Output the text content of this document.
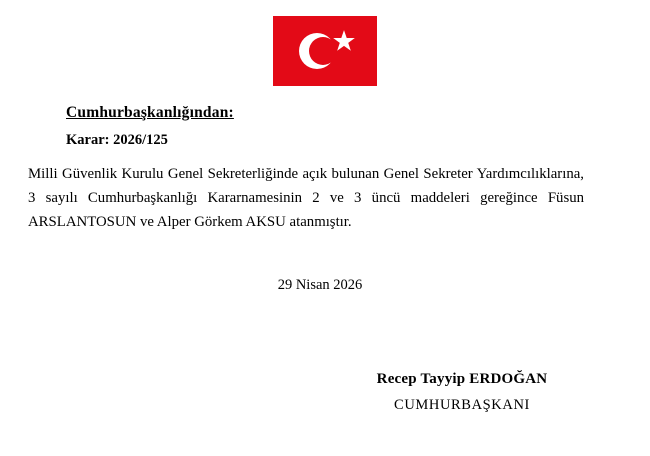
Cumhurbaşkanlığından:
Karar: 2026/125
Milli Güvenlik Kurulu Genel Sekreterliğinde açık bulunan Genel Sekreter Yardımcılıklarına, 3 sayılı Cumhurbaşkanlığı Kararnamesinin 2 ve 3 üncü maddeleri gereğince Füsun ARSLANTOSUN ve Alper Görkem AKSU atanmıştır.
29 Nisan 2026
Recep Tayyip ERDOĞAN
CUMHURBAŞKANI
